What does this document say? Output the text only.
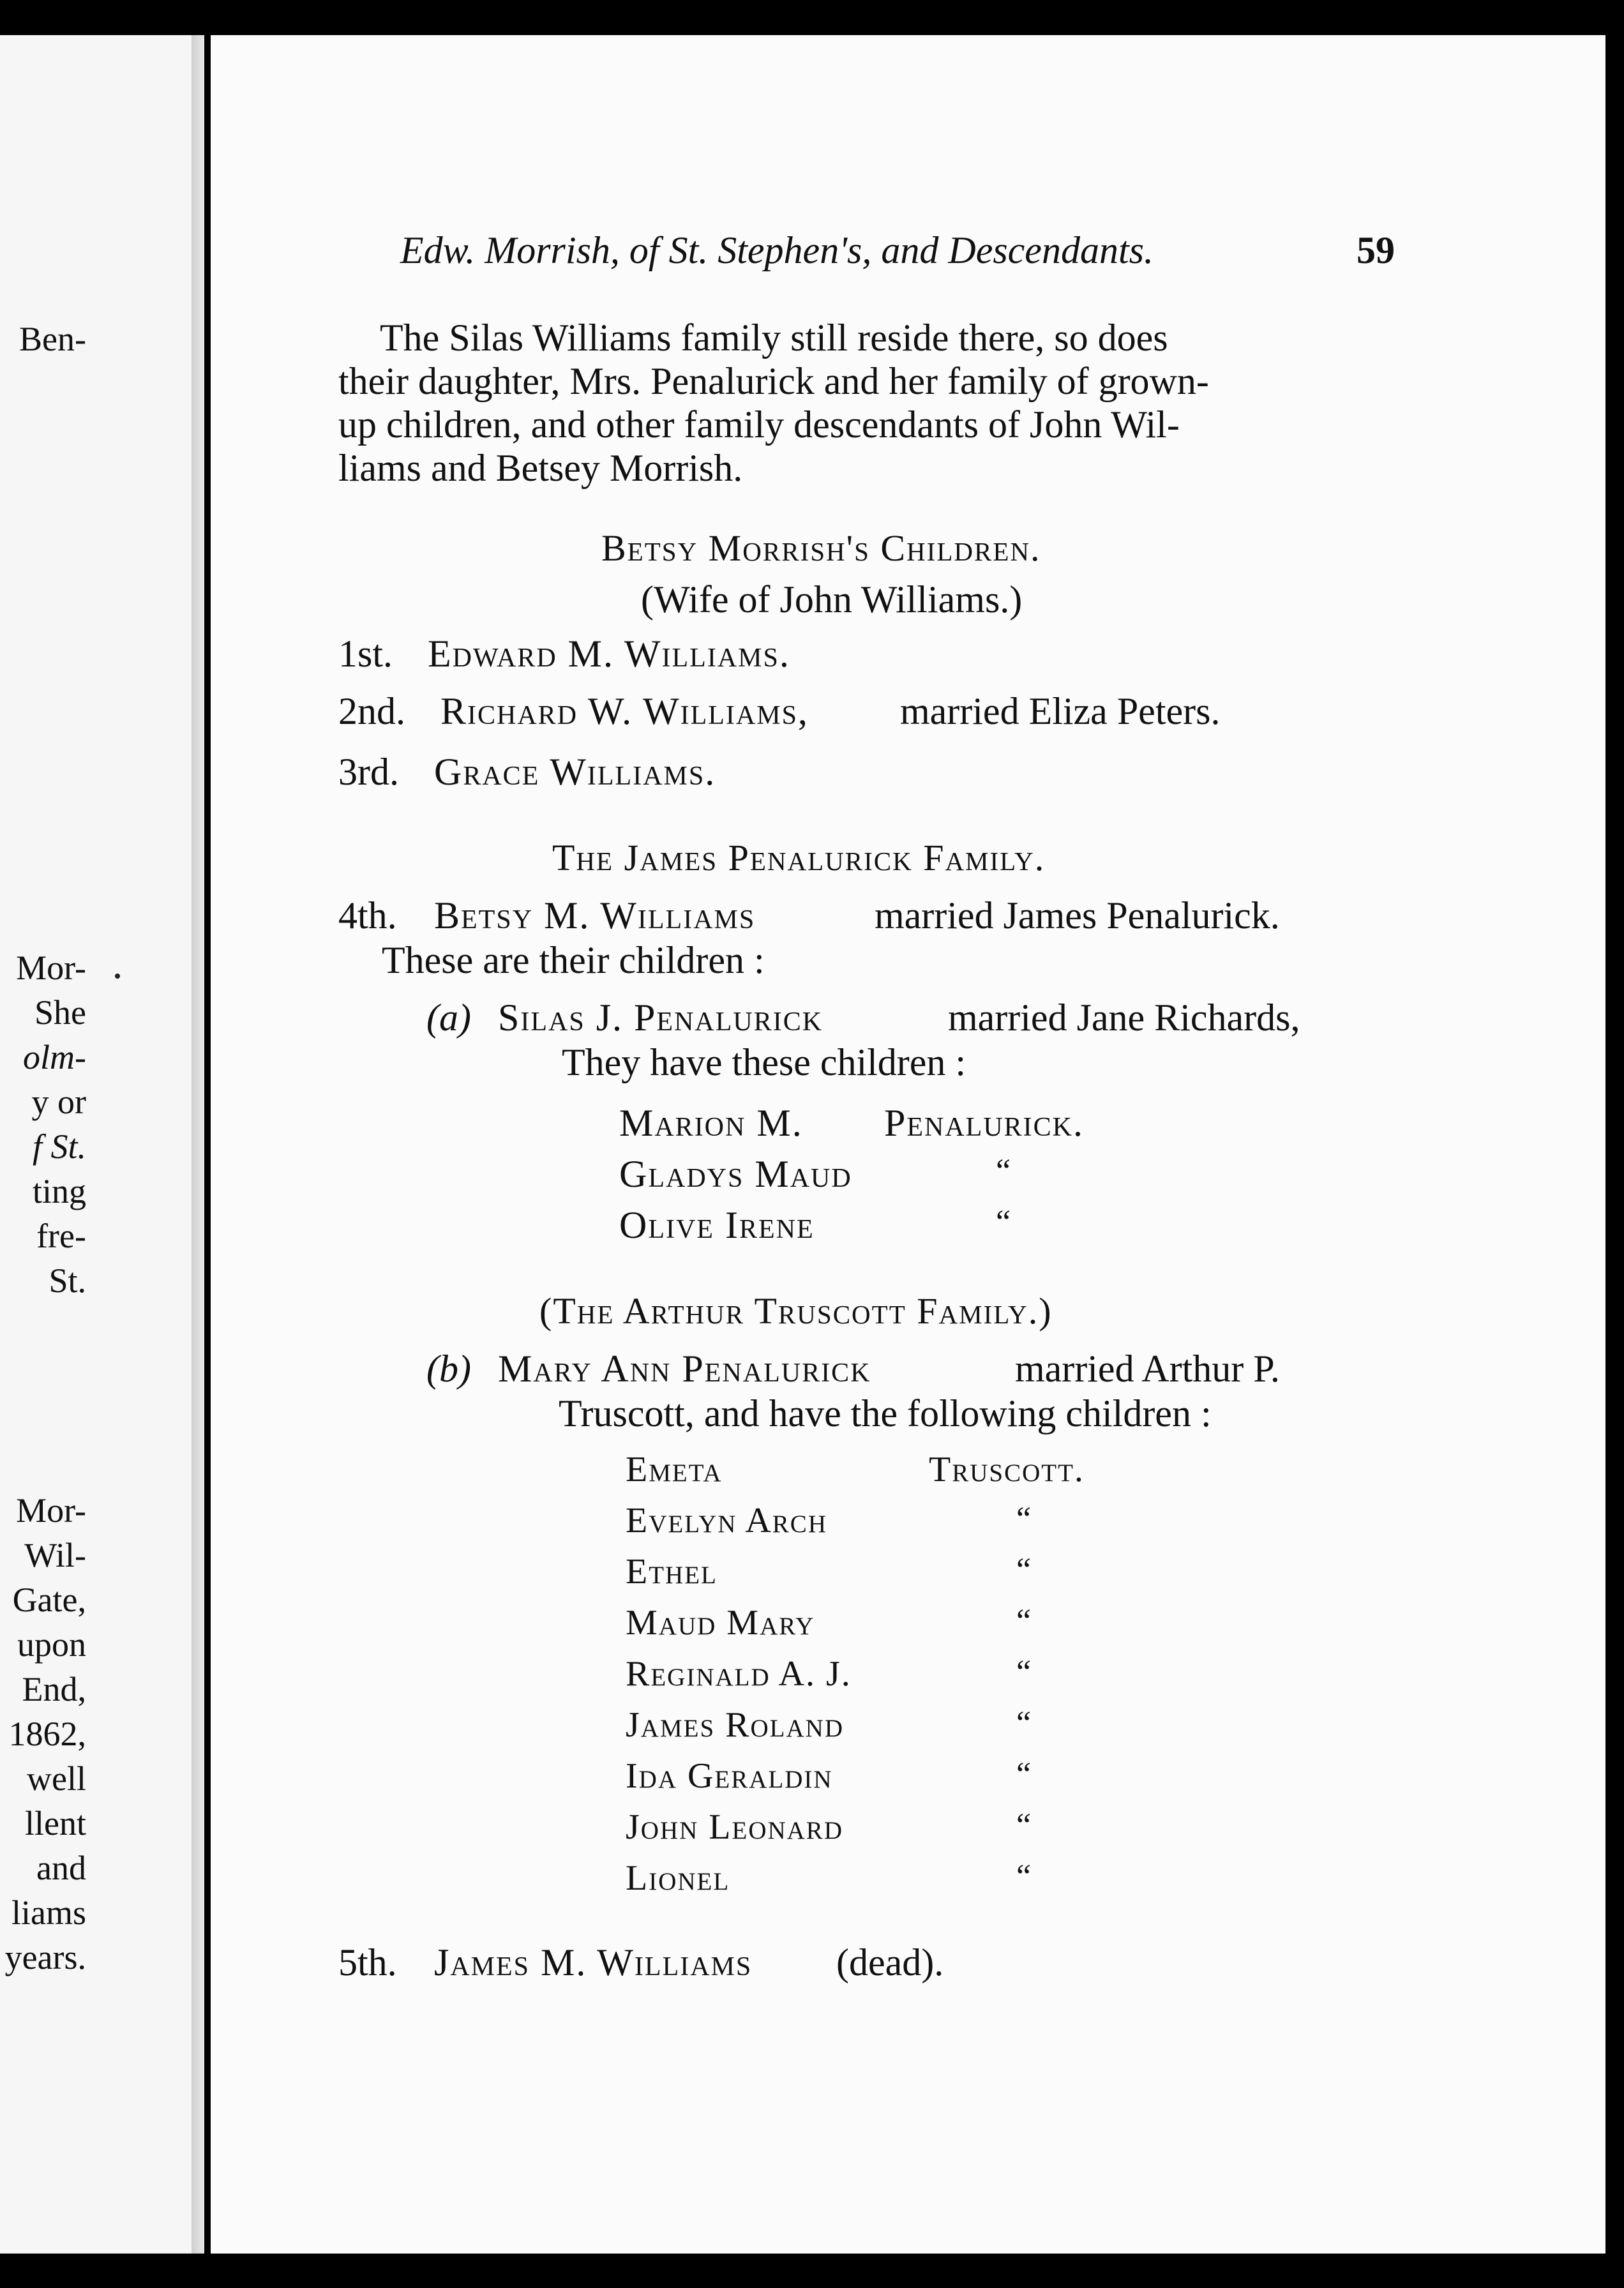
Ben-
Mor-
She
olm-
y or
f St.
ting
fre-
St.
Mor-
Wil-
Gate,
upon
End,
1862,
well
llent
and
liams
years.
Edw. Morrish, of St. Stephen's, and Descendants.	59
The Silas Williams family still reside there, so does
their daughter, Mrs. Penalurick and her family of grown-
up children, and other family descendants of John Wil-
liams and Betsey Morrish.
Betsy Morrish's Children.
(Wife of John Williams.)
1st. Edward M. Williams.
2nd. Richard W. Williams, married Eliza Peters.
3rd. Grace Williams.
The James Penalurick Family.
4th. Betsy M. Williams	married James Penalurick.
These are their children :
(a) Silas J. Penalurick	married Jane Richards,
They have these children :
Marion M. Penalurick.
Gladys Maud	“
Olive Irene	“
(The Arthur Truscott Family.)
(b) Mary Ann Penalurick	married Arthur P.
Truscott, and have the following children :
Emeta	Truscott.
Evelyn Arch	“
Ethel	“
Maud Mary	“
Reginald A. J.	“
James Roland	“
Ida Geraldin	“
John Leonard	“
Lionel	“
5th. James M. Williams (dead).
